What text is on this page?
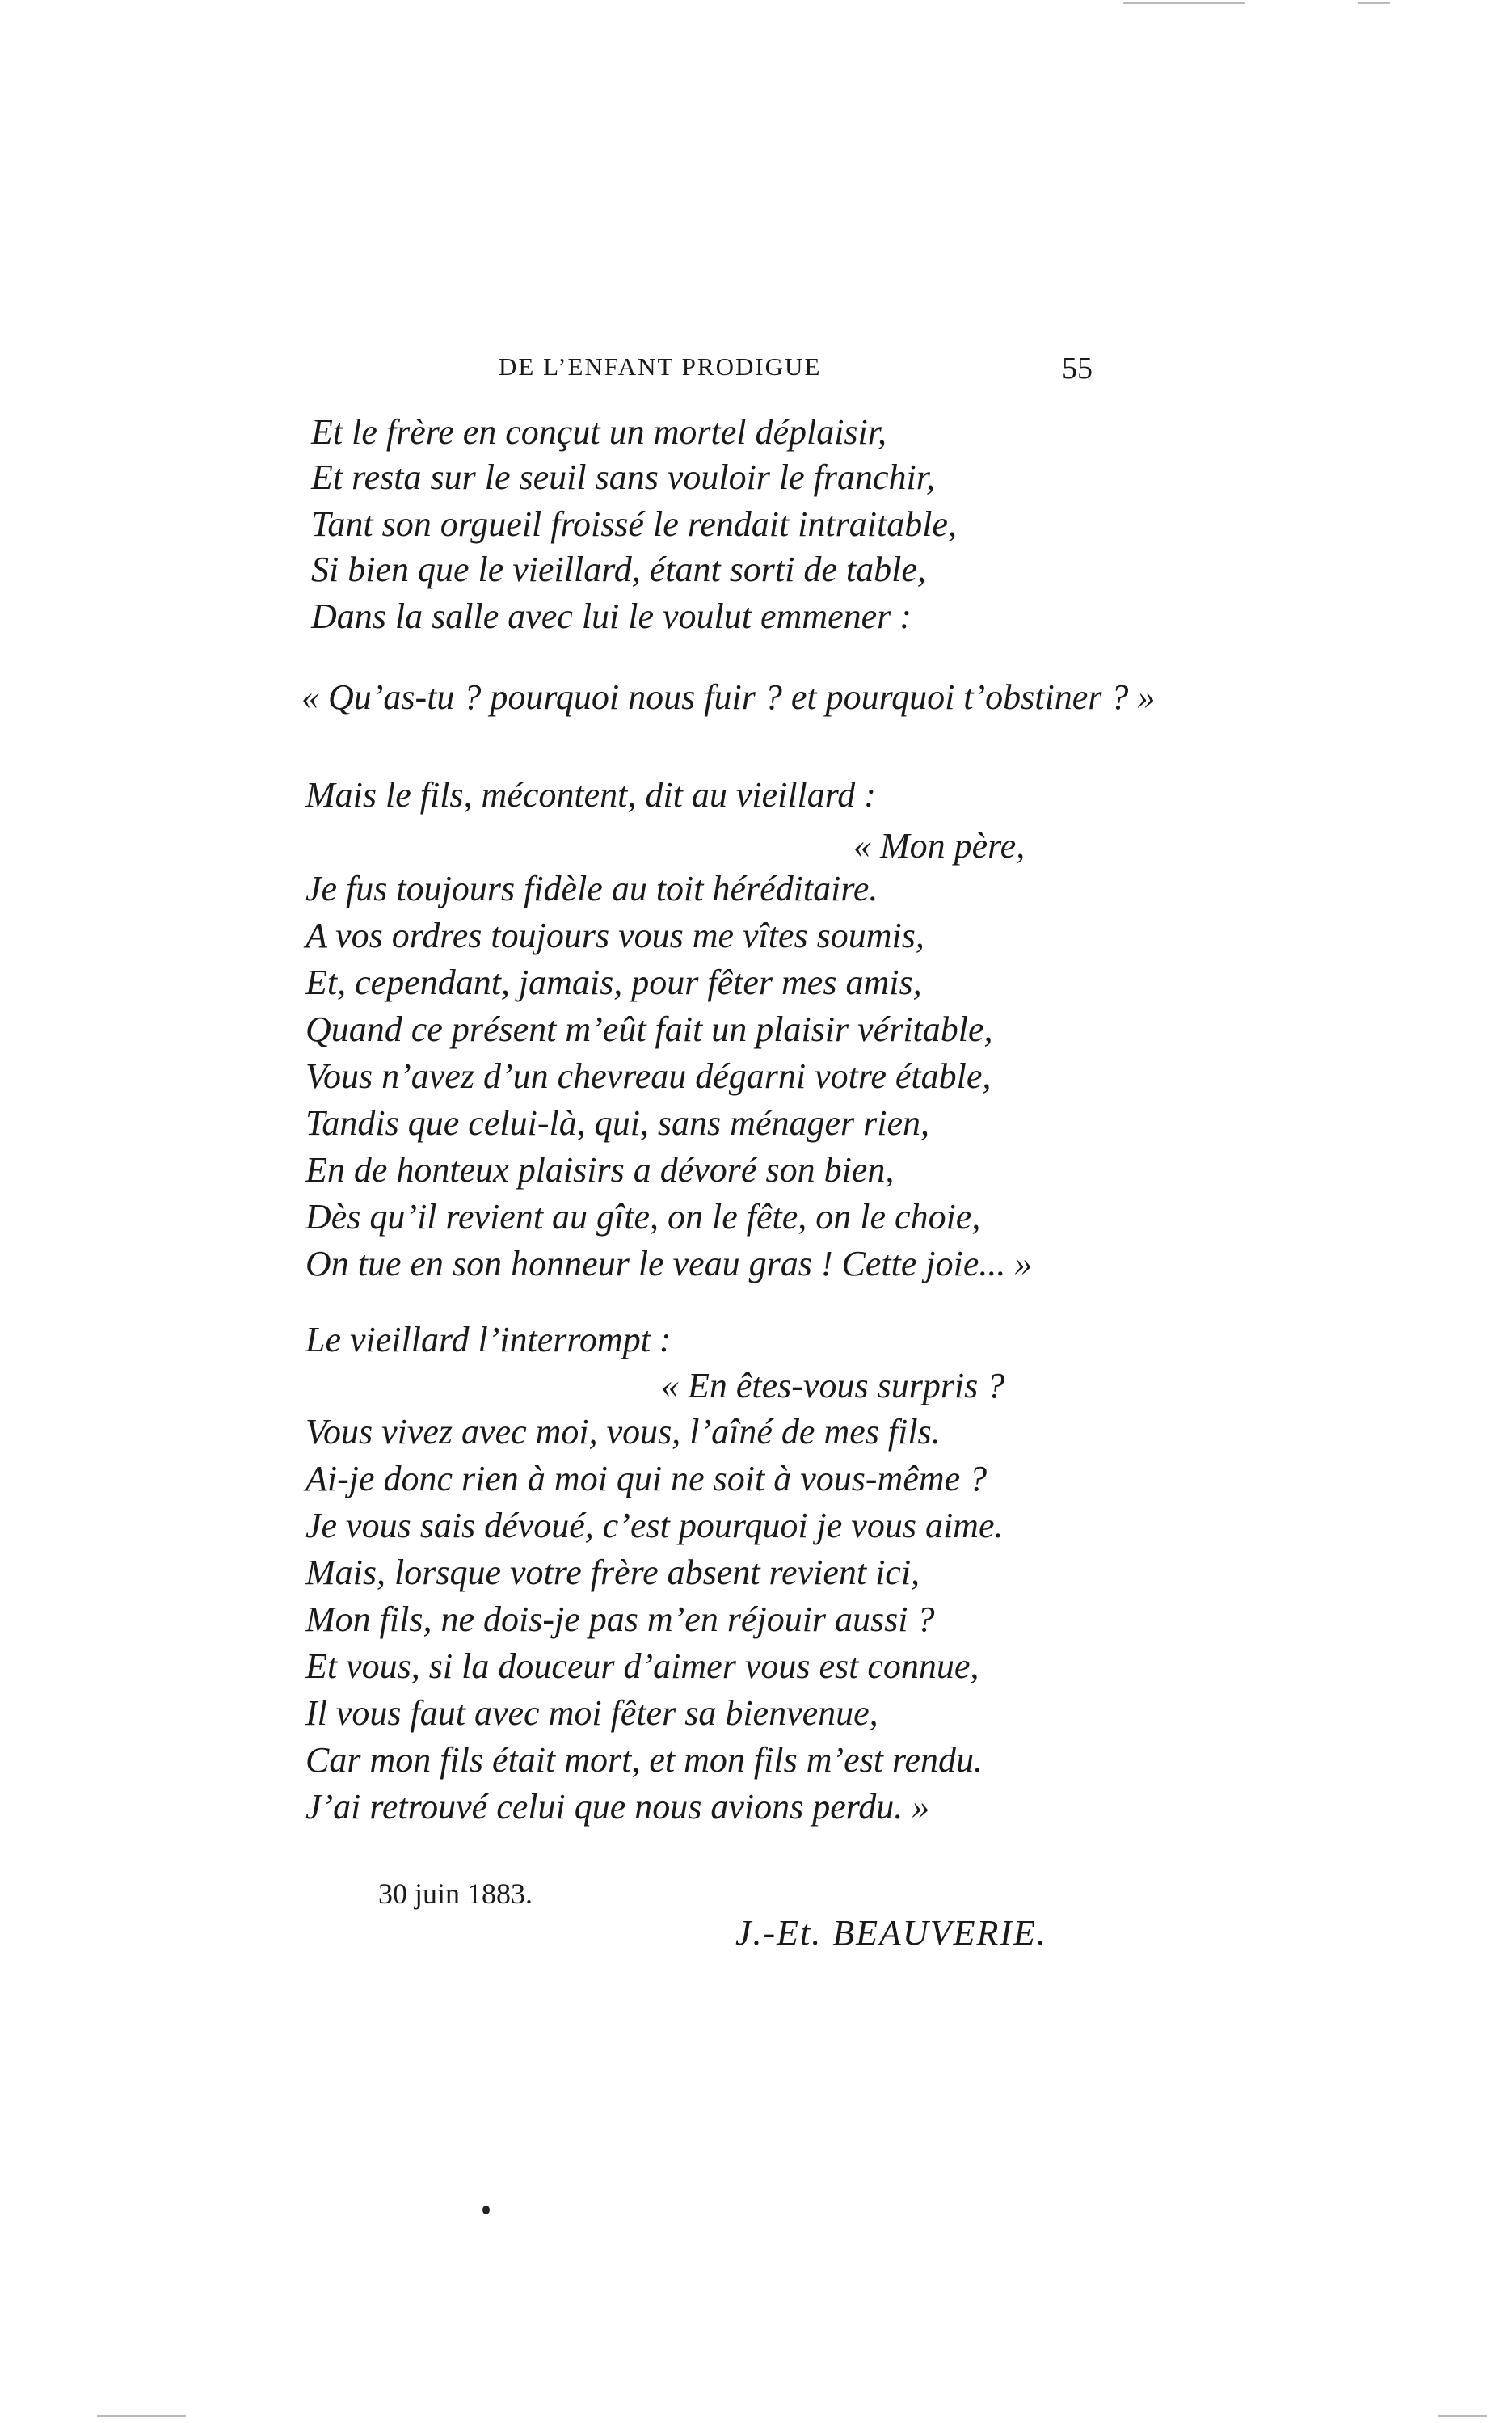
DE L’ENFANT PRODIGUE	55
Et le frère en conçut un mortel déplaisir,
Et resta sur le seuil sans vouloir le franchir,
Tant son orgueil froissé le rendait intraitable,
Si bien que le vieillard, étant sorti de table,
Dans la salle avec lui le voulut emmener :
« Qu’as-tu ? pourquoi nous fuir ? et pourquoi t’obstiner ? »
Mais le fils, mécontent, dit au vieillard :
« Mon père,
Je fus toujours fidèle au toit héréditaire.
A vos ordres toujours vous me vîtes soumis,
Et, cependant, jamais, pour fêter mes amis,
Quand ce présent m’eût fait un plaisir véritable,
Vous n’avez d’un chevreau dégarni votre étable,
Tandis que celui-là, qui, sans ménager rien,
En de honteux plaisirs a dévoré son bien,
Dès qu’il revient au gîte, on le fête, on le choie,
On tue en son honneur le veau gras ! Cette joie... »
Le vieillard l’interrompt :
« En êtes-vous surpris ?
Vous vivez avec moi, vous, l’aîné de mes fils.
Ai-je donc rien à moi qui ne soit à vous-même ?
Je vous sais dévoué, c’est pourquoi je vous aime.
Mais, lorsque votre frère absent revient ici,
Mon fils, ne dois-je pas m’en réjouir aussi ?
Et vous, si la douceur d’aimer vous est connue,
Il vous faut avec moi fêter sa bienvenue,
Car mon fils était mort, et mon fils m’est rendu.
J’ai retrouvé celui que nous avions perdu. »
30 juin 1883.
J.-Et. BEAUVERIE.
